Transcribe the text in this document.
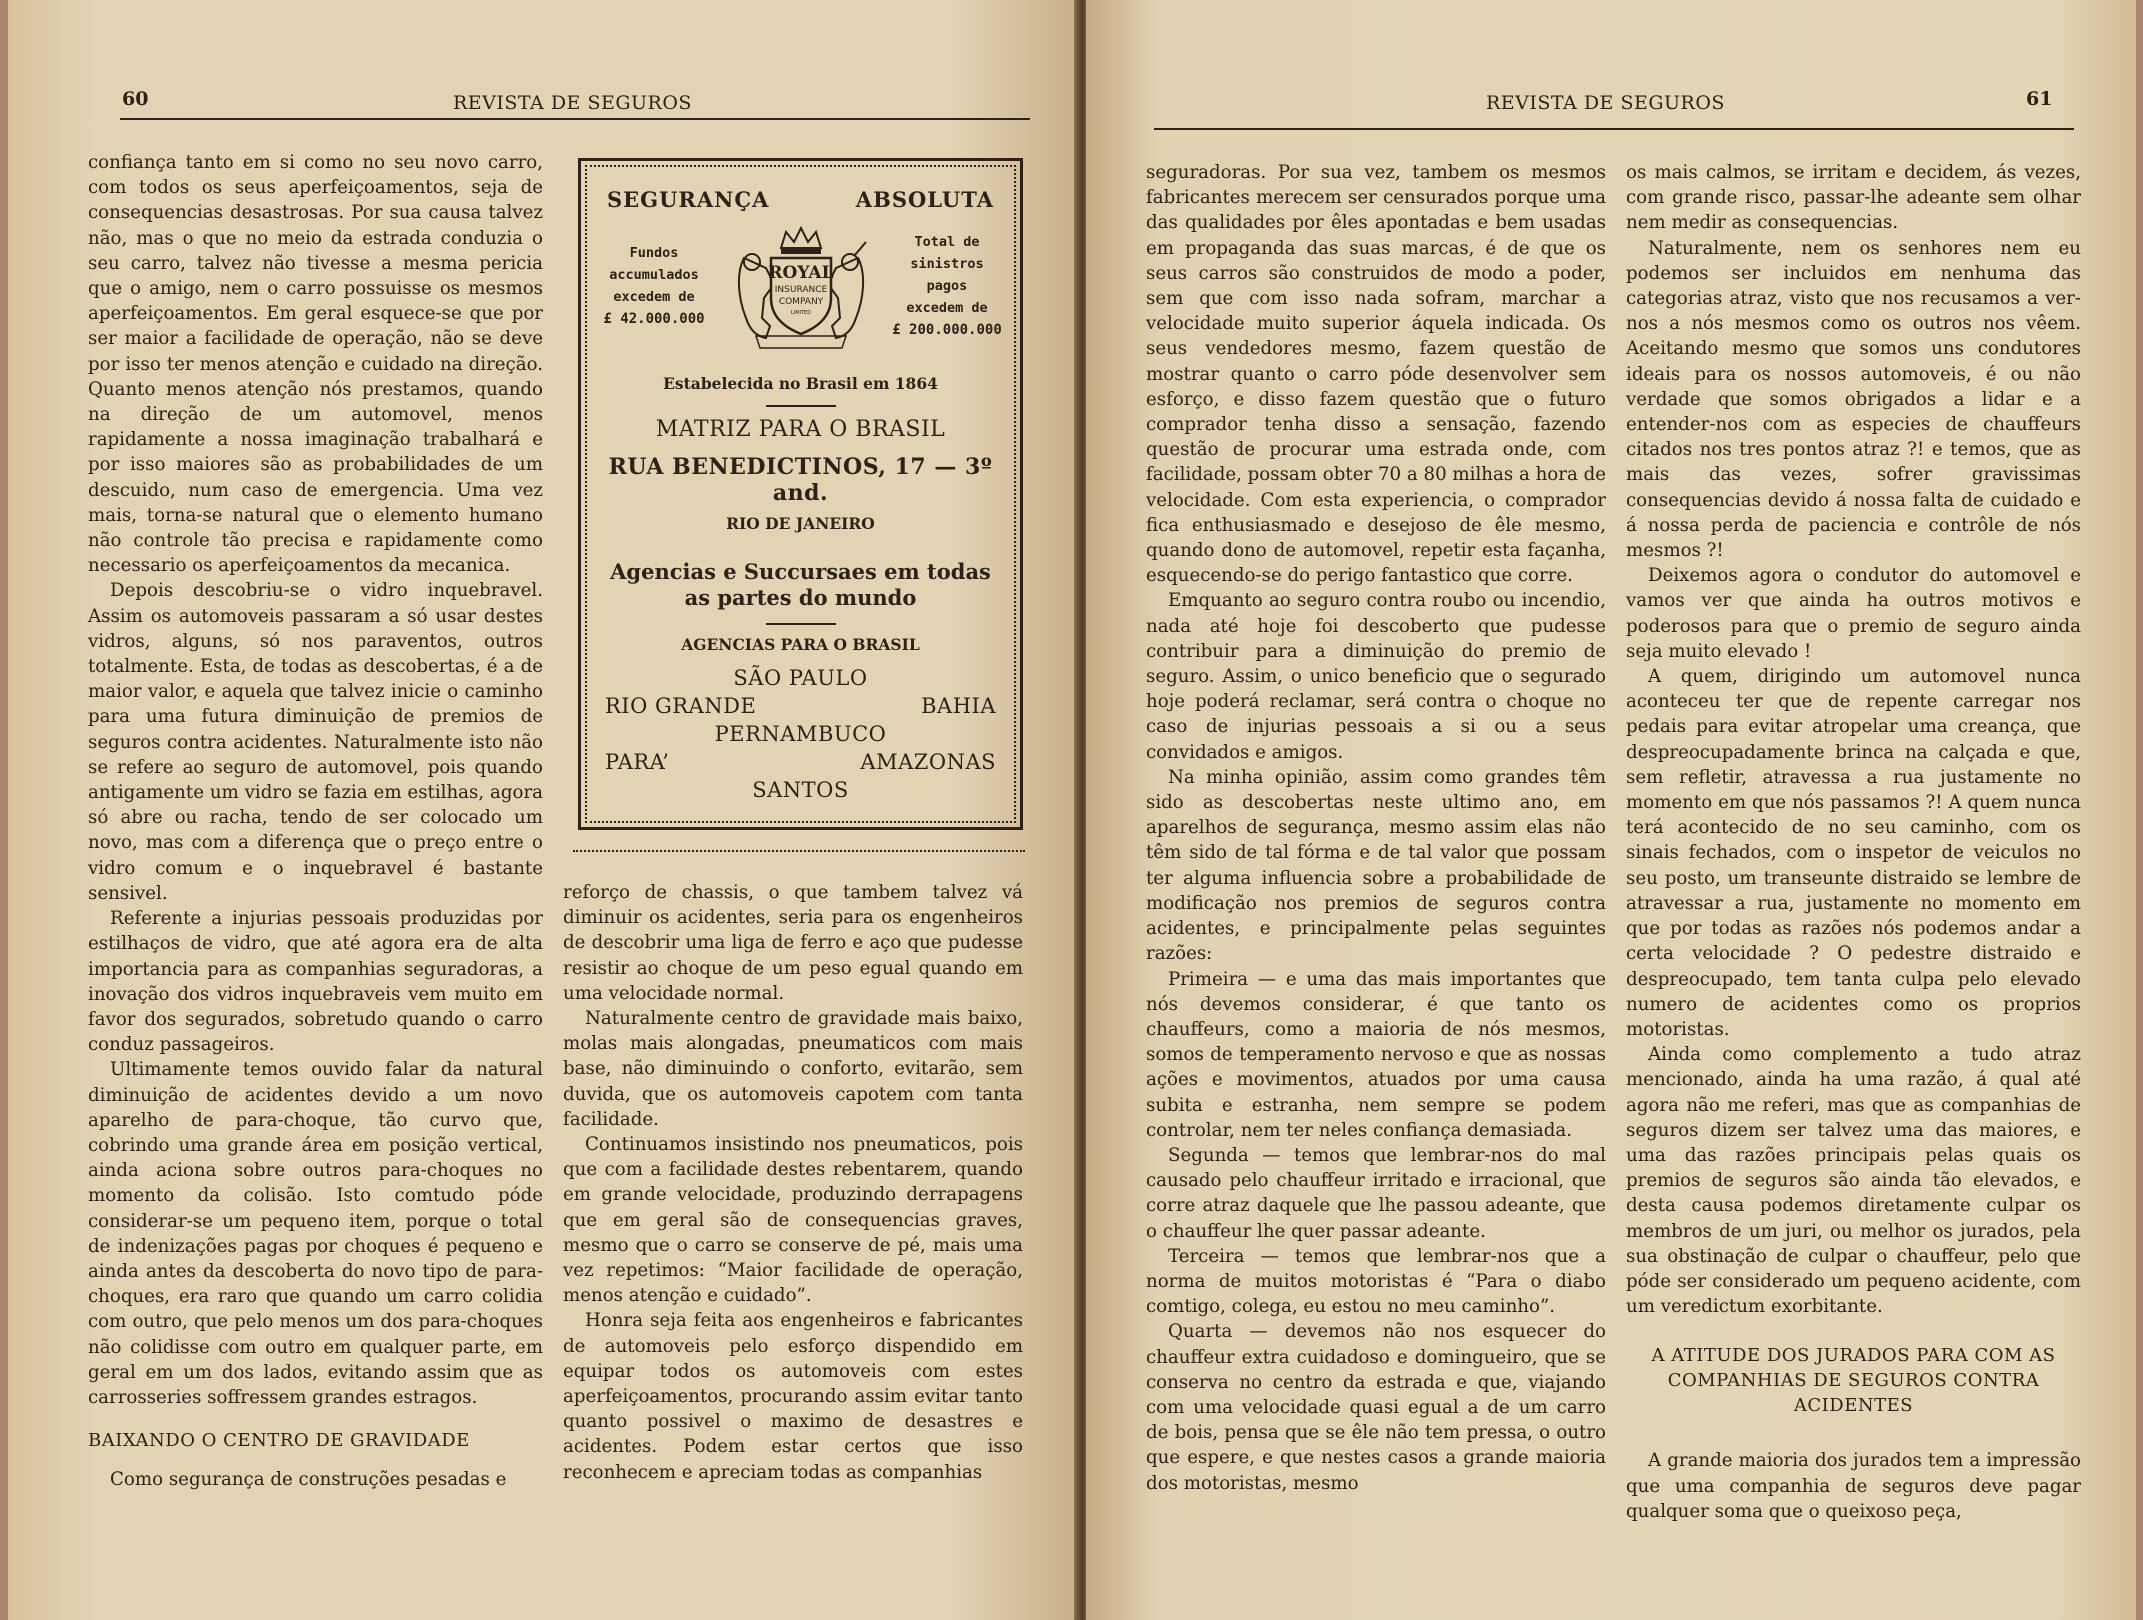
60	REVISTA DE SEGUROS

confiança tanto em si como no seu novo carro, com todos os seus aperfeiçoamentos, seja de consequencias desastrosas. Por sua causa talvez não, mas o que no meio da estrada conduzia o seu carro, talvez não tivesse a mesma pericia que o amigo, nem o carro possuisse os mesmos aperfeiçoamentos. Em geral esquece-se que por ser maior a facilidade de operação, não se deve por isso ter menos atenção e cuidado na direção. Quanto menos atenção nós prestamos, quando na direção de um automovel, menos rapidamente a nossa imaginação trabalhará e por isso maiores são as probabilidades de um descuido, num caso de emergencia. Uma vez mais, torna-se natural que o elemento humano não controle tão precisa e rapidamente como necessario os aperfeiçoamentos da mecanica.

Depois descobriu-se o vidro inquebravel. Assim os automoveis passaram a só usar destes vidros, alguns, só nos paraventos, outros totalmente. Esta, de todas as descobertas, é a de maior valor, e aquela que talvez inicie o caminho para uma futura diminuição de premios de seguros contra acidentes. Naturalmente isto não se refere ao seguro de automovel, pois quando antigamente um vidro se fazia em estilhas, agora só abre ou racha, tendo de ser colocado um novo, mas com a diferença que o preço entre o vidro comum e o inquebravel é bastante sensivel.

Referente a injurias pessoais produzidas por estilhaços de vidro, que até agora era de alta importancia para as companhias seguradoras, a inovação dos vidros inquebraveis vem muito em favor dos segurados, sobretudo quando o carro conduz passageiros.

Ultimamente temos ouvido falar da natural diminuição de acidentes devido a um novo aparelho de para-choque, tão curvo que, cobrindo uma grande área em posição vertical, ainda aciona sobre outros para-choques no momento da colisão. Isto comtudo póde considerar-se um pequeno item, porque o total de indenizações pagas por choques é pequeno e ainda antes da descoberta do novo tipo de para-choques, era raro que quando um carro colidia com outro, que pelo menos um dos para-choques não colidisse com outro em qualquer parte, em geral em um dos lados, evitando assim que as carrosseries soffressem grandes estragos.

BAIXANDO O CENTRO DE GRAVIDADE

Como segurança de construções pesadas e

SEGURANÇA	ABSOLUTA
Fundos
accumulados
excedem de
£ 42.000.000
ROYAL
INSURANCE
COMPANY
LIMITED
Total de
sinistros pagos
excedem de
£ 200.000.000
Estabelecida no Brasil em 1864
MATRIZ PARA O BRASIL
RUA BENEDICTINOS, 17 — 3º and.
RIO DE JANEIRO
Agencias e Succursaes em todas as partes do mundo
AGENCIAS PARA O BRASIL
SÃO PAULO
RIO GRANDE	BAHIA
PERNAMBUCO
PARA’	AMAZONAS
SANTOS

reforço de chassis, o que tambem talvez vá diminuir os acidentes, seria para os engenheiros de descobrir uma liga de ferro e aço que pudesse resistir ao choque de um peso egual quando em uma velocidade normal.

Naturalmente centro de gravidade mais baixo, molas mais alongadas, pneumaticos com mais base, não diminuindo o conforto, evitarão, sem duvida, que os automoveis capotem com tanta facilidade.

Continuamos insistindo nos pneumaticos, pois que com a facilidade destes rebentarem, quando em grande velocidade, produzindo derrapagens que em geral são de consequencias graves, mesmo que o carro se conserve de pé, mais uma vez repetimos: “Maior facilidade de operação, menos atenção e cuidado”.

Honra seja feita aos engenheiros e fabricantes de automoveis pelo esforço dispendido em equipar todos os automoveis com estes aperfeiçoamentos, procurando assim evitar tanto quanto possivel o maximo de desastres e acidentes. Podem estar certos que isso reconhecem e apreciam todas as companhias

REVISTA DE SEGUROS	61

seguradoras. Por sua vez, tambem os mesmos fabricantes merecem ser censurados porque uma das qualidades por êles apontadas e bem usadas em propaganda das suas marcas, é de que os seus carros são construidos de modo a poder, sem que com isso nada sofram, marchar a velocidade muito superior áquela indicada. Os seus vendedores mesmo, fazem questão de mostrar quanto o carro póde desenvolver sem esforço, e disso fazem questão que o futuro comprador tenha disso a sensação, fazendo questão de procurar uma estrada onde, com facilidade, possam obter 70 a 80 milhas a hora de velocidade. Com esta experiencia, o comprador fica enthusiasmado e desejoso de êle mesmo, quando dono de automovel, repetir esta façanha, esquecendo-se do perigo fantastico que corre.

Emquanto ao seguro contra roubo ou incendio, nada até hoje foi descoberto que pudesse contribuir para a diminuição do premio de seguro. Assim, o unico beneficio que o segurado hoje poderá reclamar, será contra o choque no caso de injurias pessoais a si ou a seus convidados e amigos.

Na minha opinião, assim como grandes têm sido as descobertas neste ultimo ano, em aparelhos de segurança, mesmo assim elas não têm sido de tal fórma e de tal valor que possam ter alguma influencia sobre a probabilidade de modificação nos premios de seguros contra acidentes, e principalmente pelas seguintes razões:

Primeira — e uma das mais importantes que nós devemos considerar, é que tanto os chauffeurs, como a maioria de nós mesmos, somos de temperamento nervoso e que as nossas ações e movimentos, atuados por uma causa subita e estranha, nem sempre se podem controlar, nem ter neles confiança demasiada.

Segunda — temos que lembrar-nos do mal causado pelo chauffeur irritado e irracional, que corre atraz daquele que lhe passou adeante, que o chauffeur lhe quer passar adeante.

Terceira — temos que lembrar-nos que a norma de muitos motoristas é “Para o diabo comtigo, colega, eu estou no meu caminho”.

Quarta — devemos não nos esquecer do chauffeur extra cuidadoso e domingueiro, que se conserva no centro da estrada e que, viajando com uma velocidade quasi egual a de um carro de bois, pensa que se êle não tem pressa, o outro que espere, e que nestes casos a grande maioria dos motoristas, mesmo

os mais calmos, se irritam e decidem, ás vezes, com grande risco, passar-lhe adeante sem olhar nem medir as consequencias.

Naturalmente, nem os senhores nem eu podemos ser incluidos em nenhuma das categorias atraz, visto que nos recusamos a ver-nos a nós mesmos como os outros nos vêem. Aceitando mesmo que somos uns condutores ideais para os nossos automoveis, é ou não verdade que somos obrigados a lidar e a entender-nos com as especies de chauffeurs citados nos tres pontos atraz ?! e temos, que as mais das vezes, sofrer gravissimas consequencias devido á nossa falta de cuidado e á nossa perda de paciencia e contrôle de nós mesmos ?!

Deixemos agora o condutor do automovel e vamos ver que ainda ha outros motivos e poderosos para que o premio de seguro ainda seja muito elevado !

A quem, dirigindo um automovel nunca aconteceu ter que de repente carregar nos pedais para evitar atropelar uma creança, que despreocupadamente brinca na calçada e que, sem refletir, atravessa a rua justamente no momento em que nós passamos ?! A quem nunca terá acontecido de no seu caminho, com os sinais fechados, com o inspetor de veiculos no seu posto, um transeunte distraido se lembre de atravessar a rua, justamente no momento em que por todas as razões nós podemos andar a certa velocidade ? O pedestre distraido e despreocupado, tem tanta culpa pelo elevado numero de acidentes como os proprios motoristas.

Ainda como complemento a tudo atraz mencionado, ainda ha uma razão, á qual até agora não me referi, mas que as companhias de seguros dizem ser talvez uma das maiores, e uma das razões principais pelas quais os premios de seguros são ainda tão elevados, e desta causa podemos diretamente culpar os membros de um juri, ou melhor os jurados, pela sua obstinação de culpar o chauffeur, pelo que póde ser considerado um pequeno acidente, com um veredictum exorbitante.

A ATITUDE DOS JURADOS PARA COM AS COMPANHIAS DE SEGUROS CONTRA ACIDENTES

A grande maioria dos jurados tem a impressão que uma companhia de seguros deve pagar qualquer soma que o queixoso peça,
